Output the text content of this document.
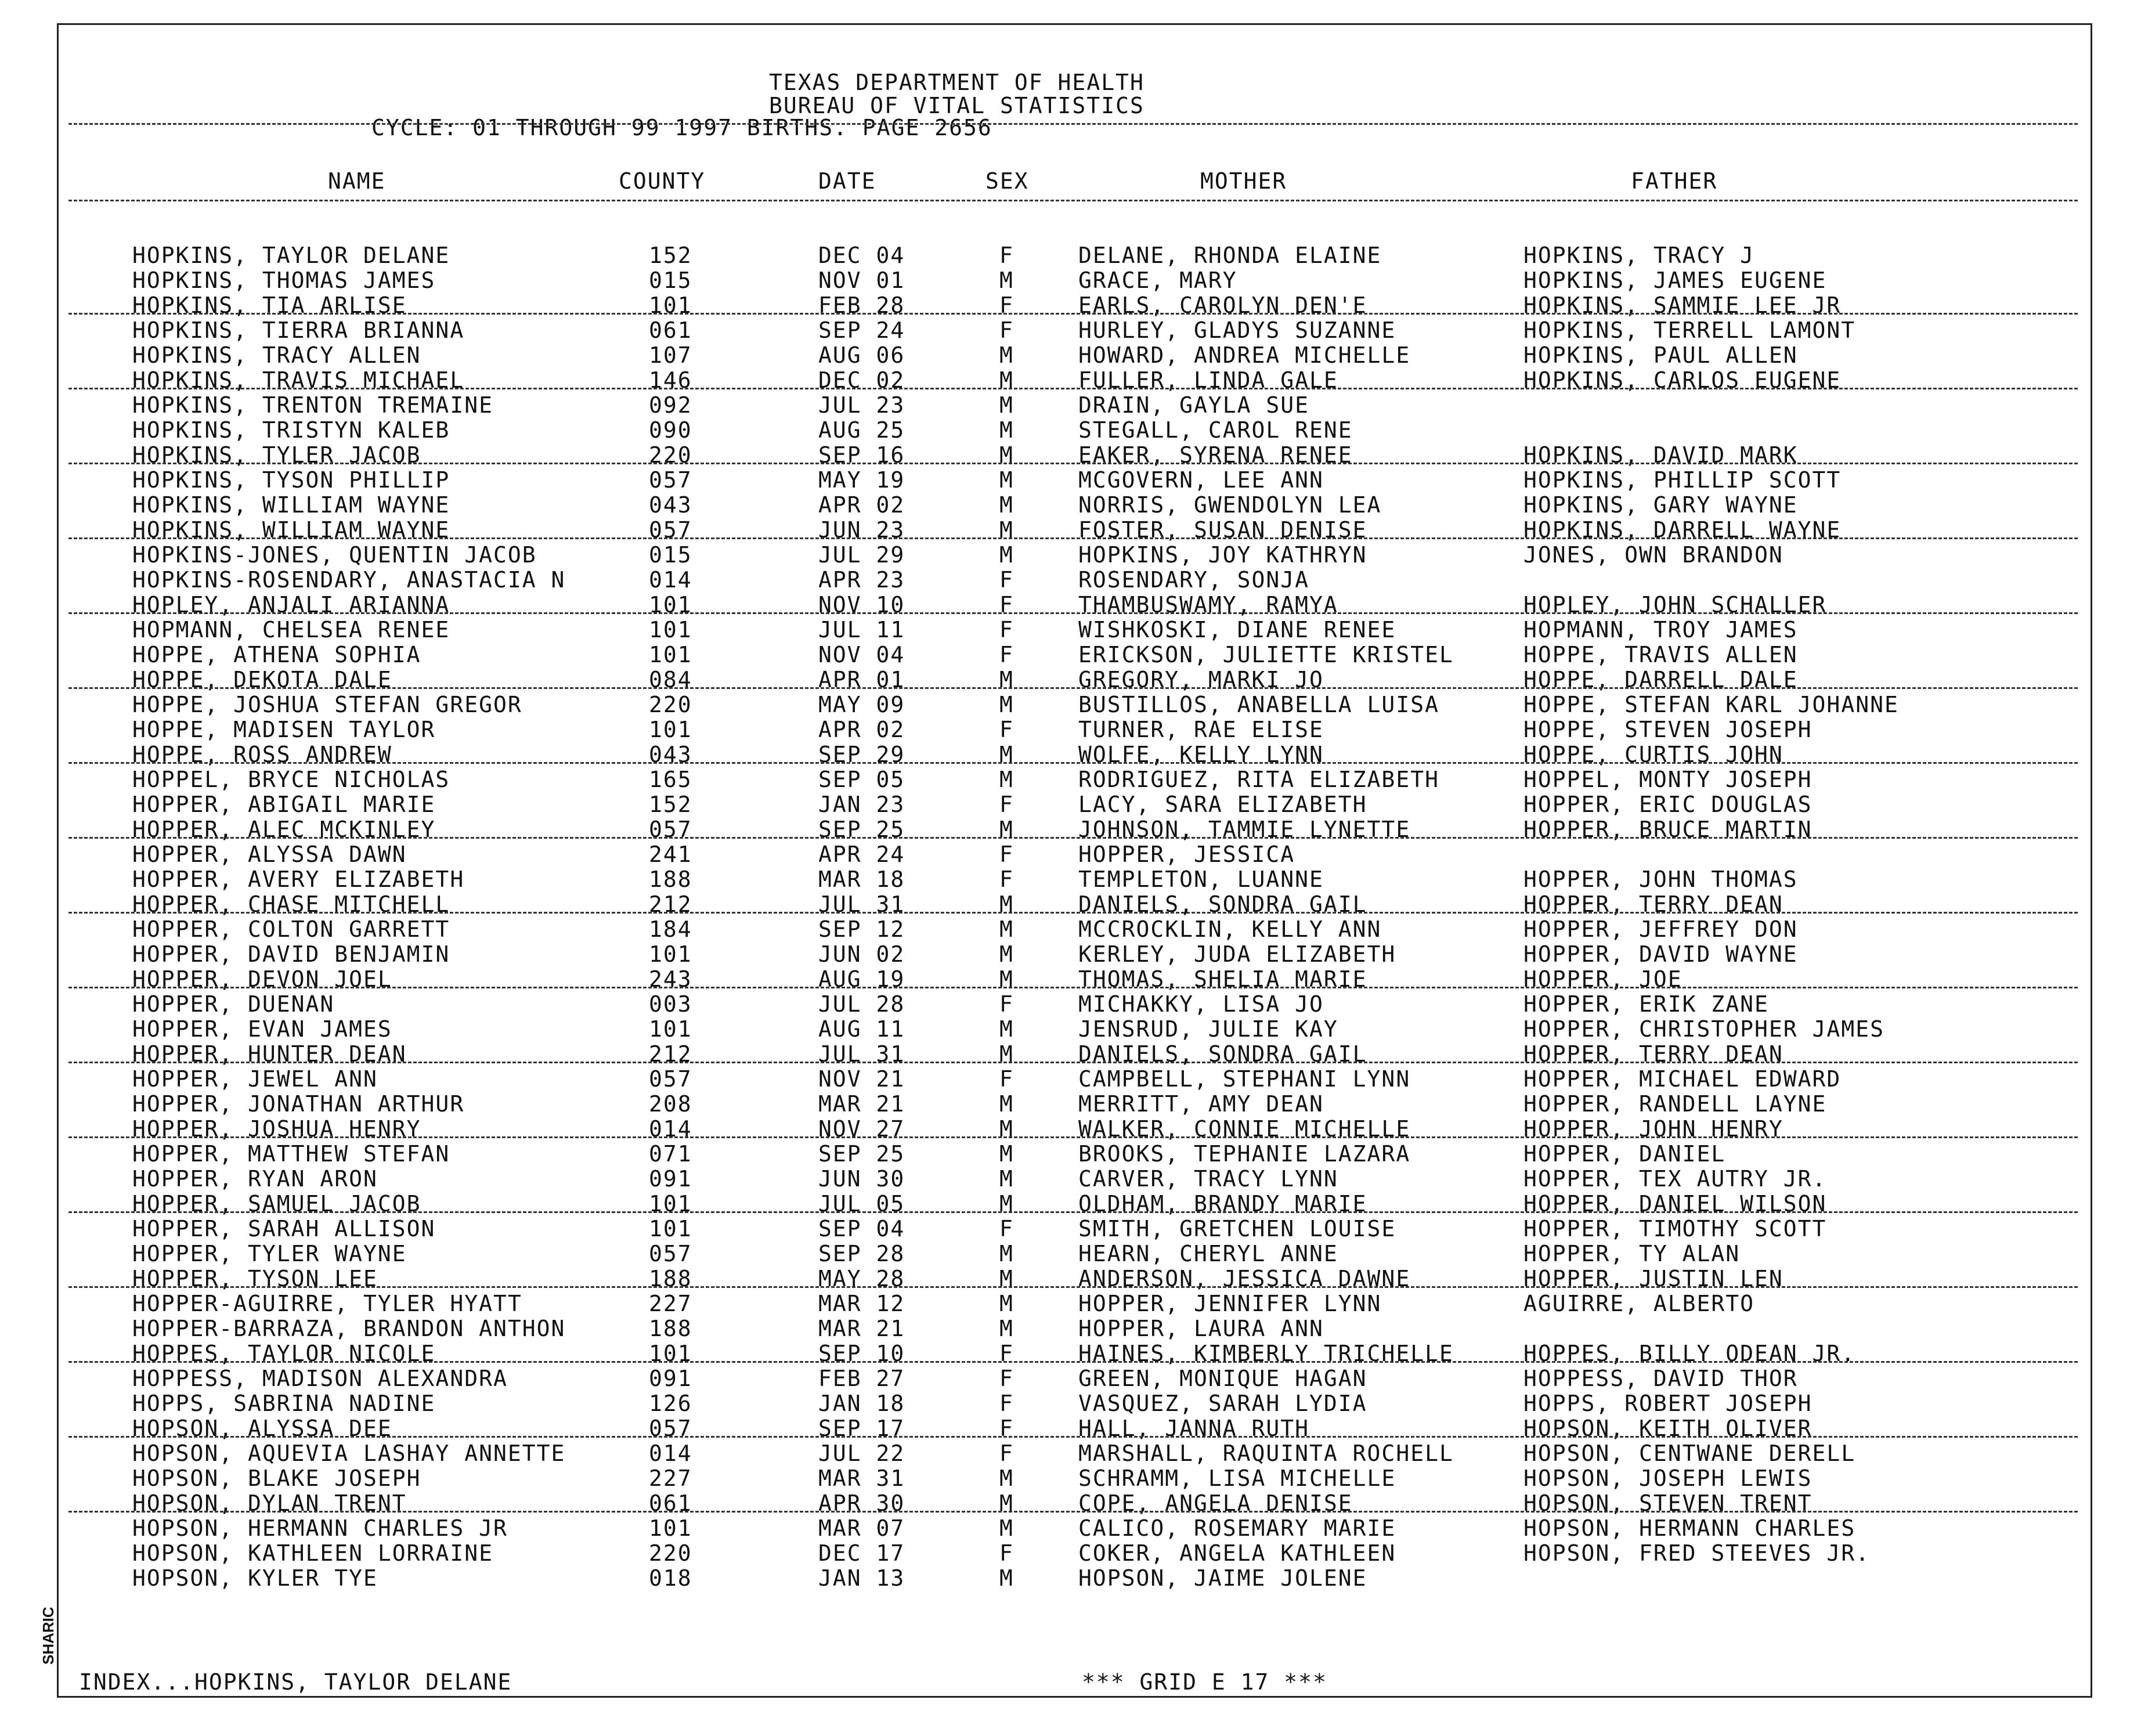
SHARIC
TEXAS DEPARTMENT OF HEALTH
BUREAU OF VITAL STATISTICS
CYCLE: 01 THROUGH 99 1997 BIRTHS. PAGE 2656
NAME	COUNTY	DATE	SEX	MOTHER	FATHER
HOPKINS, TAYLOR DELANE	152	DEC 04	F	DELANE, RHONDA ELAINE	HOPKINS, TRACY J
HOPKINS, THOMAS JAMES	015	NOV 01	M	GRACE, MARY	HOPKINS, JAMES EUGENE
HOPKINS, TIA ARLISE	101	FEB 28	F	EARLS, CAROLYN DEN'E	HOPKINS, SAMMIE LEE JR
HOPKINS, TIERRA BRIANNA	061	SEP 24	F	HURLEY, GLADYS SUZANNE	HOPKINS, TERRELL LAMONT
HOPKINS, TRACY ALLEN	107	AUG 06	M	HOWARD, ANDREA MICHELLE	HOPKINS, PAUL ALLEN
HOPKINS, TRAVIS MICHAEL	146	DEC 02	M	FULLER, LINDA GALE	HOPKINS, CARLOS EUGENE
HOPKINS, TRENTON TREMAINE	092	JUL 23	M	DRAIN, GAYLA SUE
HOPKINS, TRISTYN KALEB	090	AUG 25	M	STEGALL, CAROL RENE
HOPKINS, TYLER JACOB	220	SEP 16	M	EAKER, SYRENA RENEE	HOPKINS, DAVID MARK
HOPKINS, TYSON PHILLIP	057	MAY 19	M	MCGOVERN, LEE ANN	HOPKINS, PHILLIP SCOTT
HOPKINS, WILLIAM WAYNE	043	APR 02	M	NORRIS, GWENDOLYN LEA	HOPKINS, GARY WAYNE
HOPKINS, WILLIAM WAYNE	057	JUN 23	M	FOSTER, SUSAN DENISE	HOPKINS, DARRELL WAYNE
HOPKINS-JONES, QUENTIN JACOB	015	JUL 29	M	HOPKINS, JOY KATHRYN	JONES, OWN BRANDON
HOPKINS-ROSENDARY, ANASTACIA N	014	APR 23	F	ROSENDARY, SONJA
HOPLEY, ANJALI ARIANNA	101	NOV 10	F	THAMBUSWAMY, RAMYA	HOPLEY, JOHN SCHALLER
HOPMANN, CHELSEA RENEE	101	JUL 11	F	WISHKOSKI, DIANE RENEE	HOPMANN, TROY JAMES
HOPPE, ATHENA SOPHIA	101	NOV 04	F	ERICKSON, JULIETTE KRISTEL	HOPPE, TRAVIS ALLEN
HOPPE, DEKOTA DALE	084	APR 01	M	GREGORY, MARKI JO	HOPPE, DARRELL DALE
HOPPE, JOSHUA STEFAN GREGOR	220	MAY 09	M	BUSTILLOS, ANABELLA LUISA	HOPPE, STEFAN KARL JOHANNE
HOPPE, MADISEN TAYLOR	101	APR 02	F	TURNER, RAE ELISE	HOPPE, STEVEN JOSEPH
HOPPE, ROSS ANDREW	043	SEP 29	M	WOLFE, KELLY LYNN	HOPPE, CURTIS JOHN
HOPPEL, BRYCE NICHOLAS	165	SEP 05	M	RODRIGUEZ, RITA ELIZABETH	HOPPEL, MONTY JOSEPH
HOPPER, ABIGAIL MARIE	152	JAN 23	F	LACY, SARA ELIZABETH	HOPPER, ERIC DOUGLAS
HOPPER, ALEC MCKINLEY	057	SEP 25	M	JOHNSON, TAMMIE LYNETTE	HOPPER, BRUCE MARTIN
HOPPER, ALYSSA DAWN	241	APR 24	F	HOPPER, JESSICA
HOPPER, AVERY ELIZABETH	188	MAR 18	F	TEMPLETON, LUANNE	HOPPER, JOHN THOMAS
HOPPER, CHASE MITCHELL	212	JUL 31	M	DANIELS, SONDRA GAIL	HOPPER, TERRY DEAN
HOPPER, COLTON GARRETT	184	SEP 12	M	MCCROCKLIN, KELLY ANN	HOPPER, JEFFREY DON
HOPPER, DAVID BENJAMIN	101	JUN 02	M	KERLEY, JUDA ELIZABETH	HOPPER, DAVID WAYNE
HOPPER, DEVON JOEL	243	AUG 19	M	THOMAS, SHELIA MARIE	HOPPER, JOE
HOPPER, DUENAN	003	JUL 28	F	MICHAKKY, LISA JO	HOPPER, ERIK ZANE
HOPPER, EVAN JAMES	101	AUG 11	M	JENSRUD, JULIE KAY	HOPPER, CHRISTOPHER JAMES
HOPPER, HUNTER DEAN	212	JUL 31	M	DANIELS, SONDRA GAIL	HOPPER, TERRY DEAN
HOPPER, JEWEL ANN	057	NOV 21	F	CAMPBELL, STEPHANI LYNN	HOPPER, MICHAEL EDWARD
HOPPER, JONATHAN ARTHUR	208	MAR 21	M	MERRITT, AMY DEAN	HOPPER, RANDELL LAYNE
HOPPER, JOSHUA HENRY	014	NOV 27	M	WALKER, CONNIE MICHELLE	HOPPER, JOHN HENRY
HOPPER, MATTHEW STEFAN	071	SEP 25	M	BROOKS, TEPHANIE LAZARA	HOPPER, DANIEL
HOPPER, RYAN ARON	091	JUN 30	M	CARVER, TRACY LYNN	HOPPER, TEX AUTRY JR.
HOPPER, SAMUEL JACOB	101	JUL 05	M	OLDHAM, BRANDY MARIE	HOPPER, DANIEL WILSON
HOPPER, SARAH ALLISON	101	SEP 04	F	SMITH, GRETCHEN LOUISE	HOPPER, TIMOTHY SCOTT
HOPPER, TYLER WAYNE	057	SEP 28	M	HEARN, CHERYL ANNE	HOPPER, TY ALAN
HOPPER, TYSON LEE	188	MAY 28	M	ANDERSON, JESSICA DAWNE	HOPPER, JUSTIN LEN
HOPPER-AGUIRRE, TYLER HYATT	227	MAR 12	M	HOPPER, JENNIFER LYNN	AGUIRRE, ALBERTO
HOPPER-BARRAZA, BRANDON ANTHON	188	MAR 21	M	HOPPER, LAURA ANN
HOPPES, TAYLOR NICOLE	101	SEP 10	F	HAINES, KIMBERLY TRICHELLE	HOPPES, BILLY ODEAN JR.
HOPPESS, MADISON ALEXANDRA	091	FEB 27	F	GREEN, MONIQUE HAGAN	HOPPESS, DAVID THOR
HOPPS, SABRINA NADINE	126	JAN 18	F	VASQUEZ, SARAH LYDIA	HOPPS, ROBERT JOSEPH
HOPSON, ALYSSA DEE	057	SEP 17	F	HALL, JANNA RUTH	HOPSON, KEITH OLIVER
HOPSON, AQUEVIA LASHAY ANNETTE	014	JUL 22	F	MARSHALL, RAQUINTA ROCHELL	HOPSON, CENTWANE DERELL
HOPSON, BLAKE JOSEPH	227	MAR 31	M	SCHRAMM, LISA MICHELLE	HOPSON, JOSEPH LEWIS
HOPSON, DYLAN TRENT	061	APR 30	M	COPE, ANGELA DENISE	HOPSON, STEVEN TRENT
HOPSON, HERMANN CHARLES JR	101	MAR 07	M	CALICO, ROSEMARY MARIE	HOPSON, HERMANN CHARLES
HOPSON, KATHLEEN LORRAINE	220	DEC 17	F	COKER, ANGELA KATHLEEN	HOPSON, FRED STEEVES JR.
HOPSON, KYLER TYE	018	JAN 13	M	HOPSON, JAIME JOLENE
INDEX...HOPKINS, TAYLOR DELANE	*** GRID E 17 ***
